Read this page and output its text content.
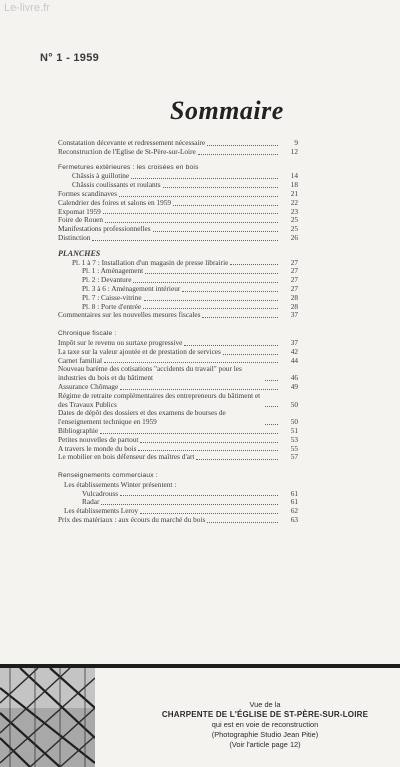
Le-livre.fr
N° 1 - 1959
Sommaire
Constatation décevante et redressement nécessaire	9
Reconstruction de l'Eglise de St-Père-sur-Loire	12
Fermetures extérieures : les croisées en bois
Châssis à guillotine	14
Châssis coulissants et roulants	18
Formes scandinaves	21
Calendrier des foires et salons en 1959	22
Expomat 1959	23
Foire de Rouen	25
Manifestations professionnelles	25
Distinction	26
PLANCHES
Pl. 1 à 7 : Installation d'un magasin de presse librairie	27
Pl. 1 : Aménagement	27
Pl. 2 : Devanture	27
Pl. 3 à 6 : Aménagement intérieur	27
Pl. 7 : Caisse-vitrine	28
Pl. 8 : Porte d'entrée	28
Commentaires sur les nouvelles mesures fiscales	37
Chronique fiscale :
Impôt sur le revenu ou surtaxe progressive	37
La taxe sur la valeur ajoutée et de prestation de services	42
Carnet familial	44
Nouveau barème des cotisations "accidents du travail" pour les industries du bois et du bâtiment	46
Assurance Chômage	49
Régime de retraite complémentaires des entrepreneurs du bâtiment et des Travaux Publics	50
Dates de dépôt des dossiers et des examens de bourses de l'enseignement technique en 1959	50
Bibliographie	51
Petites nouvelles de partout	53
A travers le monde du bois	55
Le mobilier en bois défenseur des maîtres d'art	57
Renseignements commerciaux :
Les établissements Winter présentent :
Vulcadrouss	61
Radar	61
Les établissements Leroy	62
Prix des matériaux : aux écours du marché du bois	63
Vue de la
CHARPENTE DE L'ÉGLISE DE ST-PÈRE-SUR-LOIRE
qui est en voie de reconstruction
(Photographie Studio Jean Pitie)
(Voir l'article page 12)
